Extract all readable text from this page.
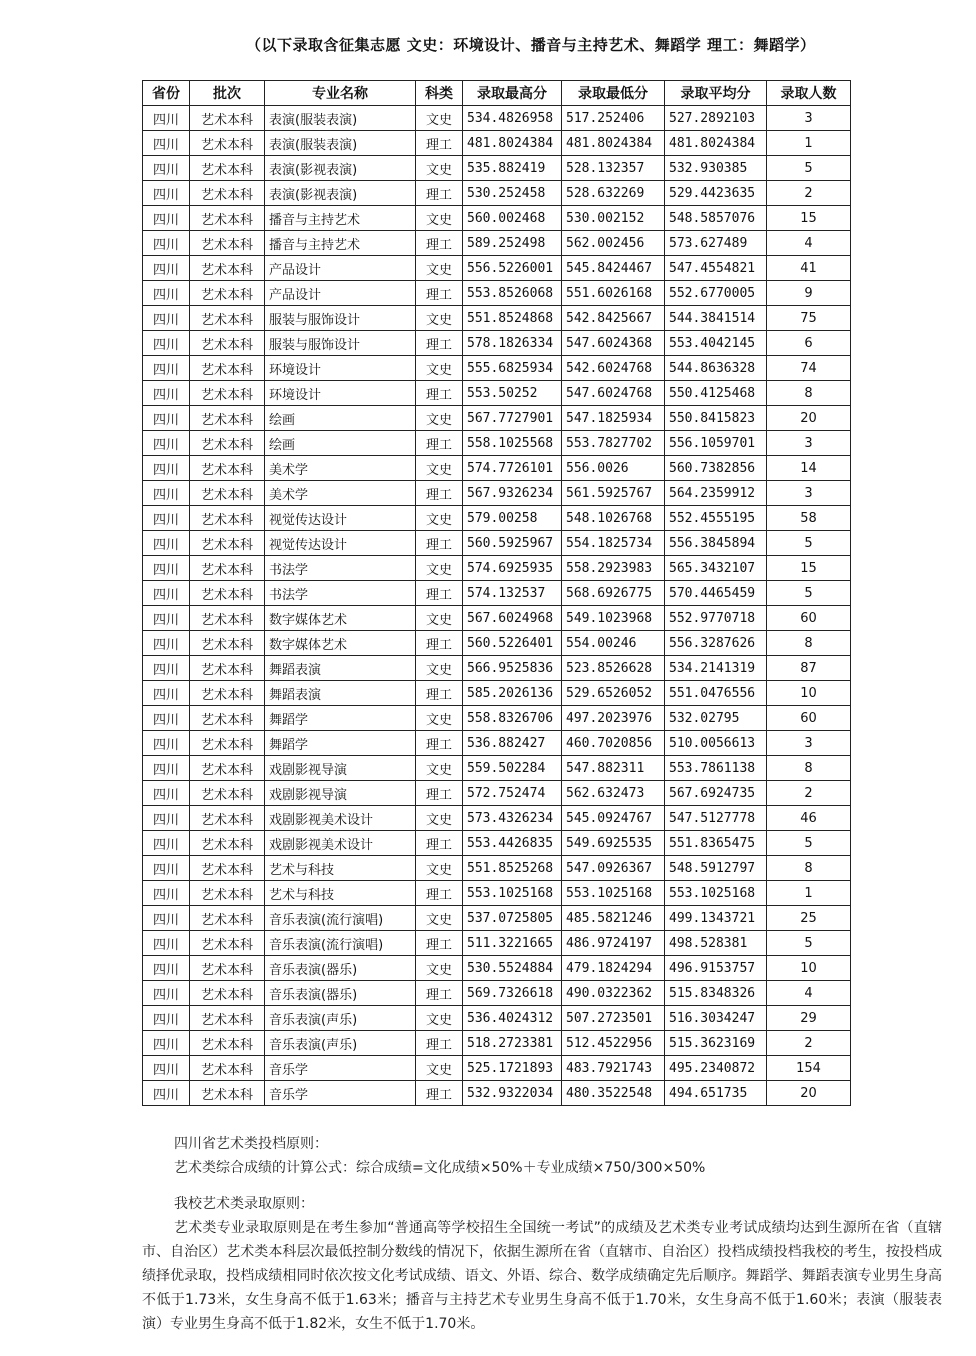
（以下录取含征集志愿 文史：环境设计、播音与主持艺术、舞蹈学 理工：舞蹈学）
省份	批次	专业名称	科类	录取最高分	录取最低分	录取平均分	录取人数
四川	艺术本科	表演(服装表演)	文史	534.4826958	517.252406	527.2892103	3
四川	艺术本科	表演(服装表演)	理工	481.8024384	481.8024384	481.8024384	1
四川	艺术本科	表演(影视表演)	文史	535.882419	528.132357	532.930385	5
四川	艺术本科	表演(影视表演)	理工	530.252458	528.632269	529.4423635	2
四川	艺术本科	播音与主持艺术	文史	560.002468	530.002152	548.5857076	15
四川	艺术本科	播音与主持艺术	理工	589.252498	562.002456	573.627489	4
四川	艺术本科	产品设计	文史	556.5226001	545.8424467	547.4554821	41
四川	艺术本科	产品设计	理工	553.8526068	551.6026168	552.6770005	9
四川	艺术本科	服装与服饰设计	文史	551.8524868	542.8425667	544.3841514	75
四川	艺术本科	服装与服饰设计	理工	578.1826334	547.6024368	553.4042145	6
四川	艺术本科	环境设计	文史	555.6825934	542.6024768	544.8636328	74
四川	艺术本科	环境设计	理工	553.50252	547.6024768	550.4125468	8
四川	艺术本科	绘画	文史	567.7727901	547.1825934	550.8415823	20
四川	艺术本科	绘画	理工	558.1025568	553.7827702	556.1059701	3
四川	艺术本科	美术学	文史	574.7726101	556.0026	560.7382856	14
四川	艺术本科	美术学	理工	567.9326234	561.5925767	564.2359912	3
四川	艺术本科	视觉传达设计	文史	579.00258	548.1026768	552.4555195	58
四川	艺术本科	视觉传达设计	理工	560.5925967	554.1825734	556.3845894	5
四川	艺术本科	书法学	文史	574.6925935	558.2923983	565.3432107	15
四川	艺术本科	书法学	理工	574.132537	568.6926775	570.4465459	5
四川	艺术本科	数字媒体艺术	文史	567.6024968	549.1023968	552.9770718	60
四川	艺术本科	数字媒体艺术	理工	560.5226401	554.00246	556.3287626	8
四川	艺术本科	舞蹈表演	文史	566.9525836	523.8526628	534.2141319	87
四川	艺术本科	舞蹈表演	理工	585.2026136	529.6526052	551.0476556	10
四川	艺术本科	舞蹈学	文史	558.8326706	497.2023976	532.02795	60
四川	艺术本科	舞蹈学	理工	536.882427	460.7020856	510.0056613	3
四川	艺术本科	戏剧影视导演	文史	559.502284	547.882311	553.7861138	8
四川	艺术本科	戏剧影视导演	理工	572.752474	562.632473	567.6924735	2
四川	艺术本科	戏剧影视美术设计	文史	573.4326234	545.0924767	547.5127778	46
四川	艺术本科	戏剧影视美术设计	理工	553.4426835	549.6925535	551.8365475	5
四川	艺术本科	艺术与科技	文史	551.8525268	547.0926367	548.5912797	8
四川	艺术本科	艺术与科技	理工	553.1025168	553.1025168	553.1025168	1
四川	艺术本科	音乐表演(流行演唱)	文史	537.0725805	485.5821246	499.1343721	25
四川	艺术本科	音乐表演(流行演唱)	理工	511.3221665	486.9724197	498.528381	5
四川	艺术本科	音乐表演(器乐)	文史	530.5524884	479.1824294	496.9153757	10
四川	艺术本科	音乐表演(器乐)	理工	569.7326618	490.0322362	515.8348326	4
四川	艺术本科	音乐表演(声乐)	文史	536.4024312	507.2723501	516.3034247	29
四川	艺术本科	音乐表演(声乐)	理工	518.2723381	512.4522956	515.3623169	2
四川	艺术本科	音乐学	文史	525.1721893	483.7921743	495.2340872	154
四川	艺术本科	音乐学	理工	532.9322034	480.3522548	494.651735	20
四川省艺术类投档原则：
艺术类综合成绩的计算公式：综合成绩=文化成绩×50%＋专业成绩×750/300×50%
我校艺术类录取原则：
艺术类专业录取原则是在考生参加“普通高等学校招生全国统一考试”的成绩及艺术类专业考试成绩均达到生源所在省（直辖市、自治区）艺术类本科层次最低控制分数线的情况下，依据生源所在省（直辖市、自治区）投档成绩投档我校的考生，按投档成绩择优录取，投档成绩相同时依次按文化考试成绩、语文、外语、综合、数学成绩确定先后顺序。舞蹈学、舞蹈表演专业男生身高不低于1.73米，女生身高不低于1.63米；播音与主持艺术专业男生身高不低于1.70米，女生身高不低于1.60米；表演（服装表演）专业男生身高不低于1.82米，女生不低于1.70米。
